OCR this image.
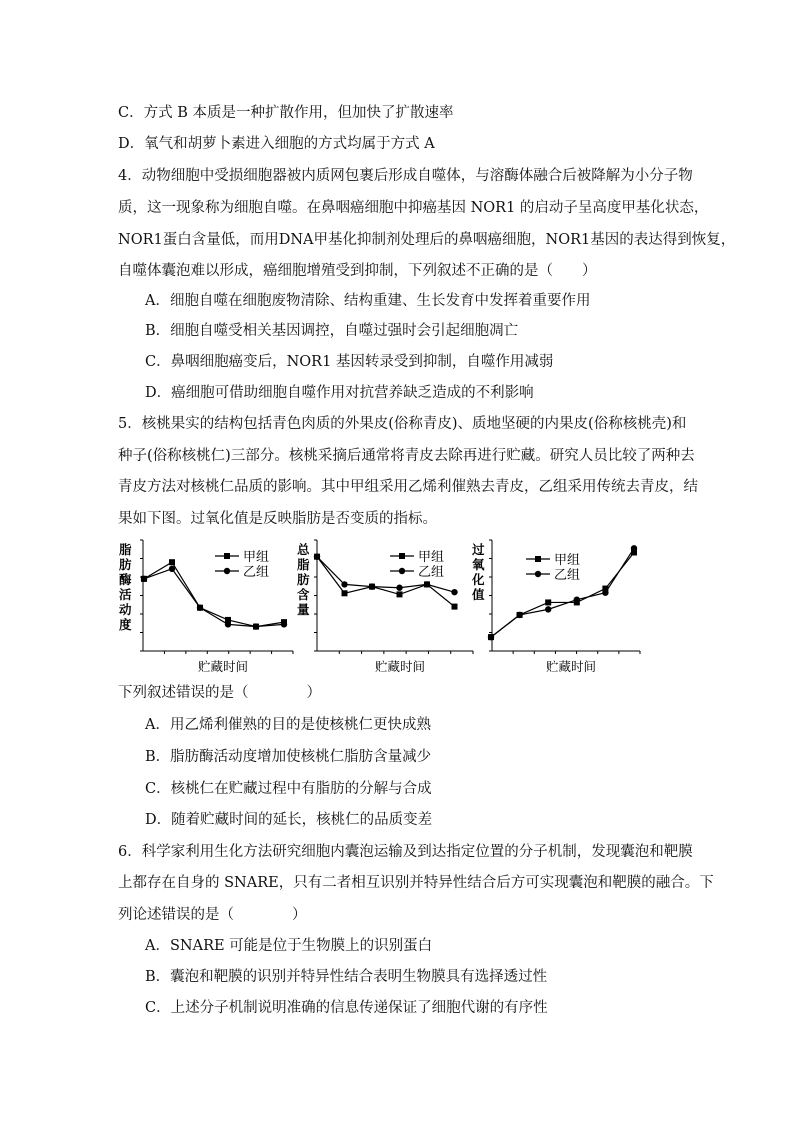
C．方式 B 本质是一种扩散作用，但加快了扩散速率
D．氧气和胡萝卜素进入细胞的方式均属于方式 A
4．动物细胞中受损细胞器被内质网包裹后形成自噬体，与溶酶体融合后被降解为小分子物
质，这一现象称为细胞自噬。在鼻咽癌细胞中抑癌基因 NOR1 的启动子呈高度甲基化状态，
NOR1蛋白含量低，而用DNA甲基化抑制剂处理后的鼻咽癌细胞，NOR1基因的表达得到恢复，
自噬体囊泡难以形成，癌细胞增殖受到抑制，下列叙述不正确的是（　　）
A．细胞自噬在细胞废物清除、结构重建、生长发育中发挥着重要作用
B．细胞自噬受相关基因调控，自噬过强时会引起细胞凋亡
C．鼻咽细胞癌变后，NOR1 基因转录受到抑制，自噬作用减弱
D．癌细胞可借助细胞自噬作用对抗营养缺乏造成的不利影响
5．核桃果实的结构包括青色肉质的外果皮(俗称青皮)、质地坚硬的内果皮(俗称核桃壳)和
种子(俗称核桃仁)三部分。核桃采摘后通常将青皮去除再进行贮藏。研究人员比较了两种去
青皮方法对核桃仁品质的影响。其中甲组采用乙烯利催熟去青皮，乙组采用传统去青皮，结
果如下图。过氧化值是反映脂肪是否变质的指标。
甲组
乙组
脂肪酶活动度
贮藏时间
甲组
乙组
总脂肪含量
贮藏时间
甲组
乙组
过氧化值
贮藏时间
下列叙述错误的是（　　　　）
A．用乙烯利催熟的目的是使核桃仁更快成熟
B．脂肪酶活动度增加使核桃仁脂肪含量减少
C．核桃仁在贮藏过程中有脂肪的分解与合成
D．随着贮藏时间的延长，核桃仁的品质变差
6．科学家利用生化方法研究细胞内囊泡运输及到达指定位置的分子机制，发现囊泡和靶膜
上都存在自身的 SNARE，只有二者相互识别并特异性结合后方可实现囊泡和靶膜的融合。下
列论述错误的是（　　　　）
A．SNARE 可能是位于生物膜上的识别蛋白
B．囊泡和靶膜的识别并特异性结合表明生物膜具有选择透过性
C．上述分子机制说明准确的信息传递保证了细胞代谢的有序性
